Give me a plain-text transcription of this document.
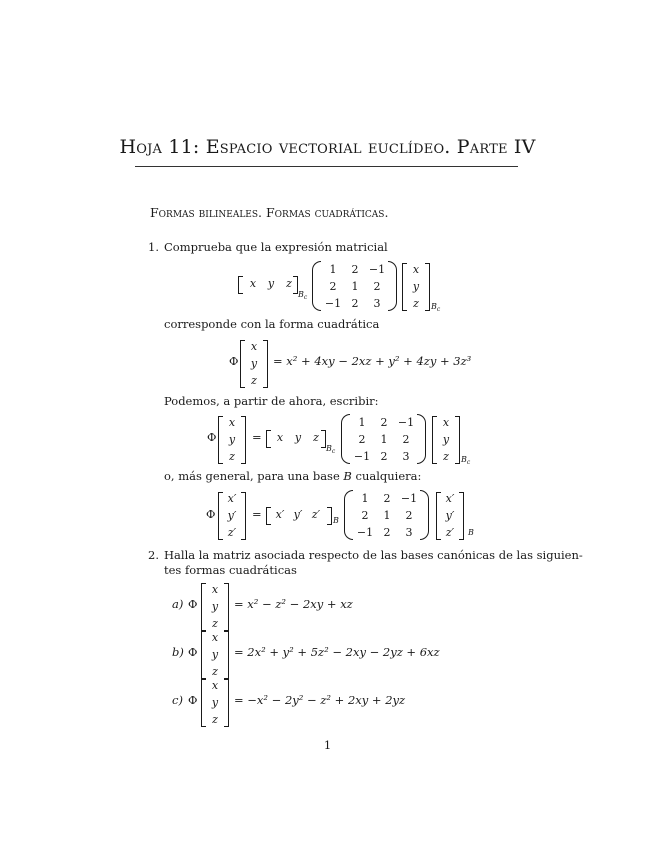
Hoja 11: Espacio vectorial euclídeo. Parte IV
Formas bilineales. Formas cuadráticas.
1. Comprueba que la expresión matricial
x	y	z
$B_c$
1	2 −1
2	1	2
−1 2	3
x
y
z	$B_c$
corresponde con la forma cuadrática
Φ
x
y
z
= x² + 4xy − 2xz + y² + 4zy + 3z³
Podemos, a partir de ahora, escribir:
Φ
x
y
z
=	x	y	z
$B_c$
1	2 −1
2	1	2
−1 2	3
x
y
z	$B_c$
o, más general, para una base B cualquiera:
Φ
x′
y′
z′
=	x′ y′ z′	B
1	2 −1
2	1	2
−1 2	3
x′
y′
z′	B
2. Halla la matriz asociada respecto de las bases canónicas de las siguien-
tes formas cuadráticas
a) Φ
x
y
z
= x² − z² − 2xy + xz
b) Φ
x
y
z
= 2x² + y² + 5z² − 2xy − 2yz + 6xz
c) Φ
x
y
z
= −x² − 2y² − z² + 2xy + 2yz
1
